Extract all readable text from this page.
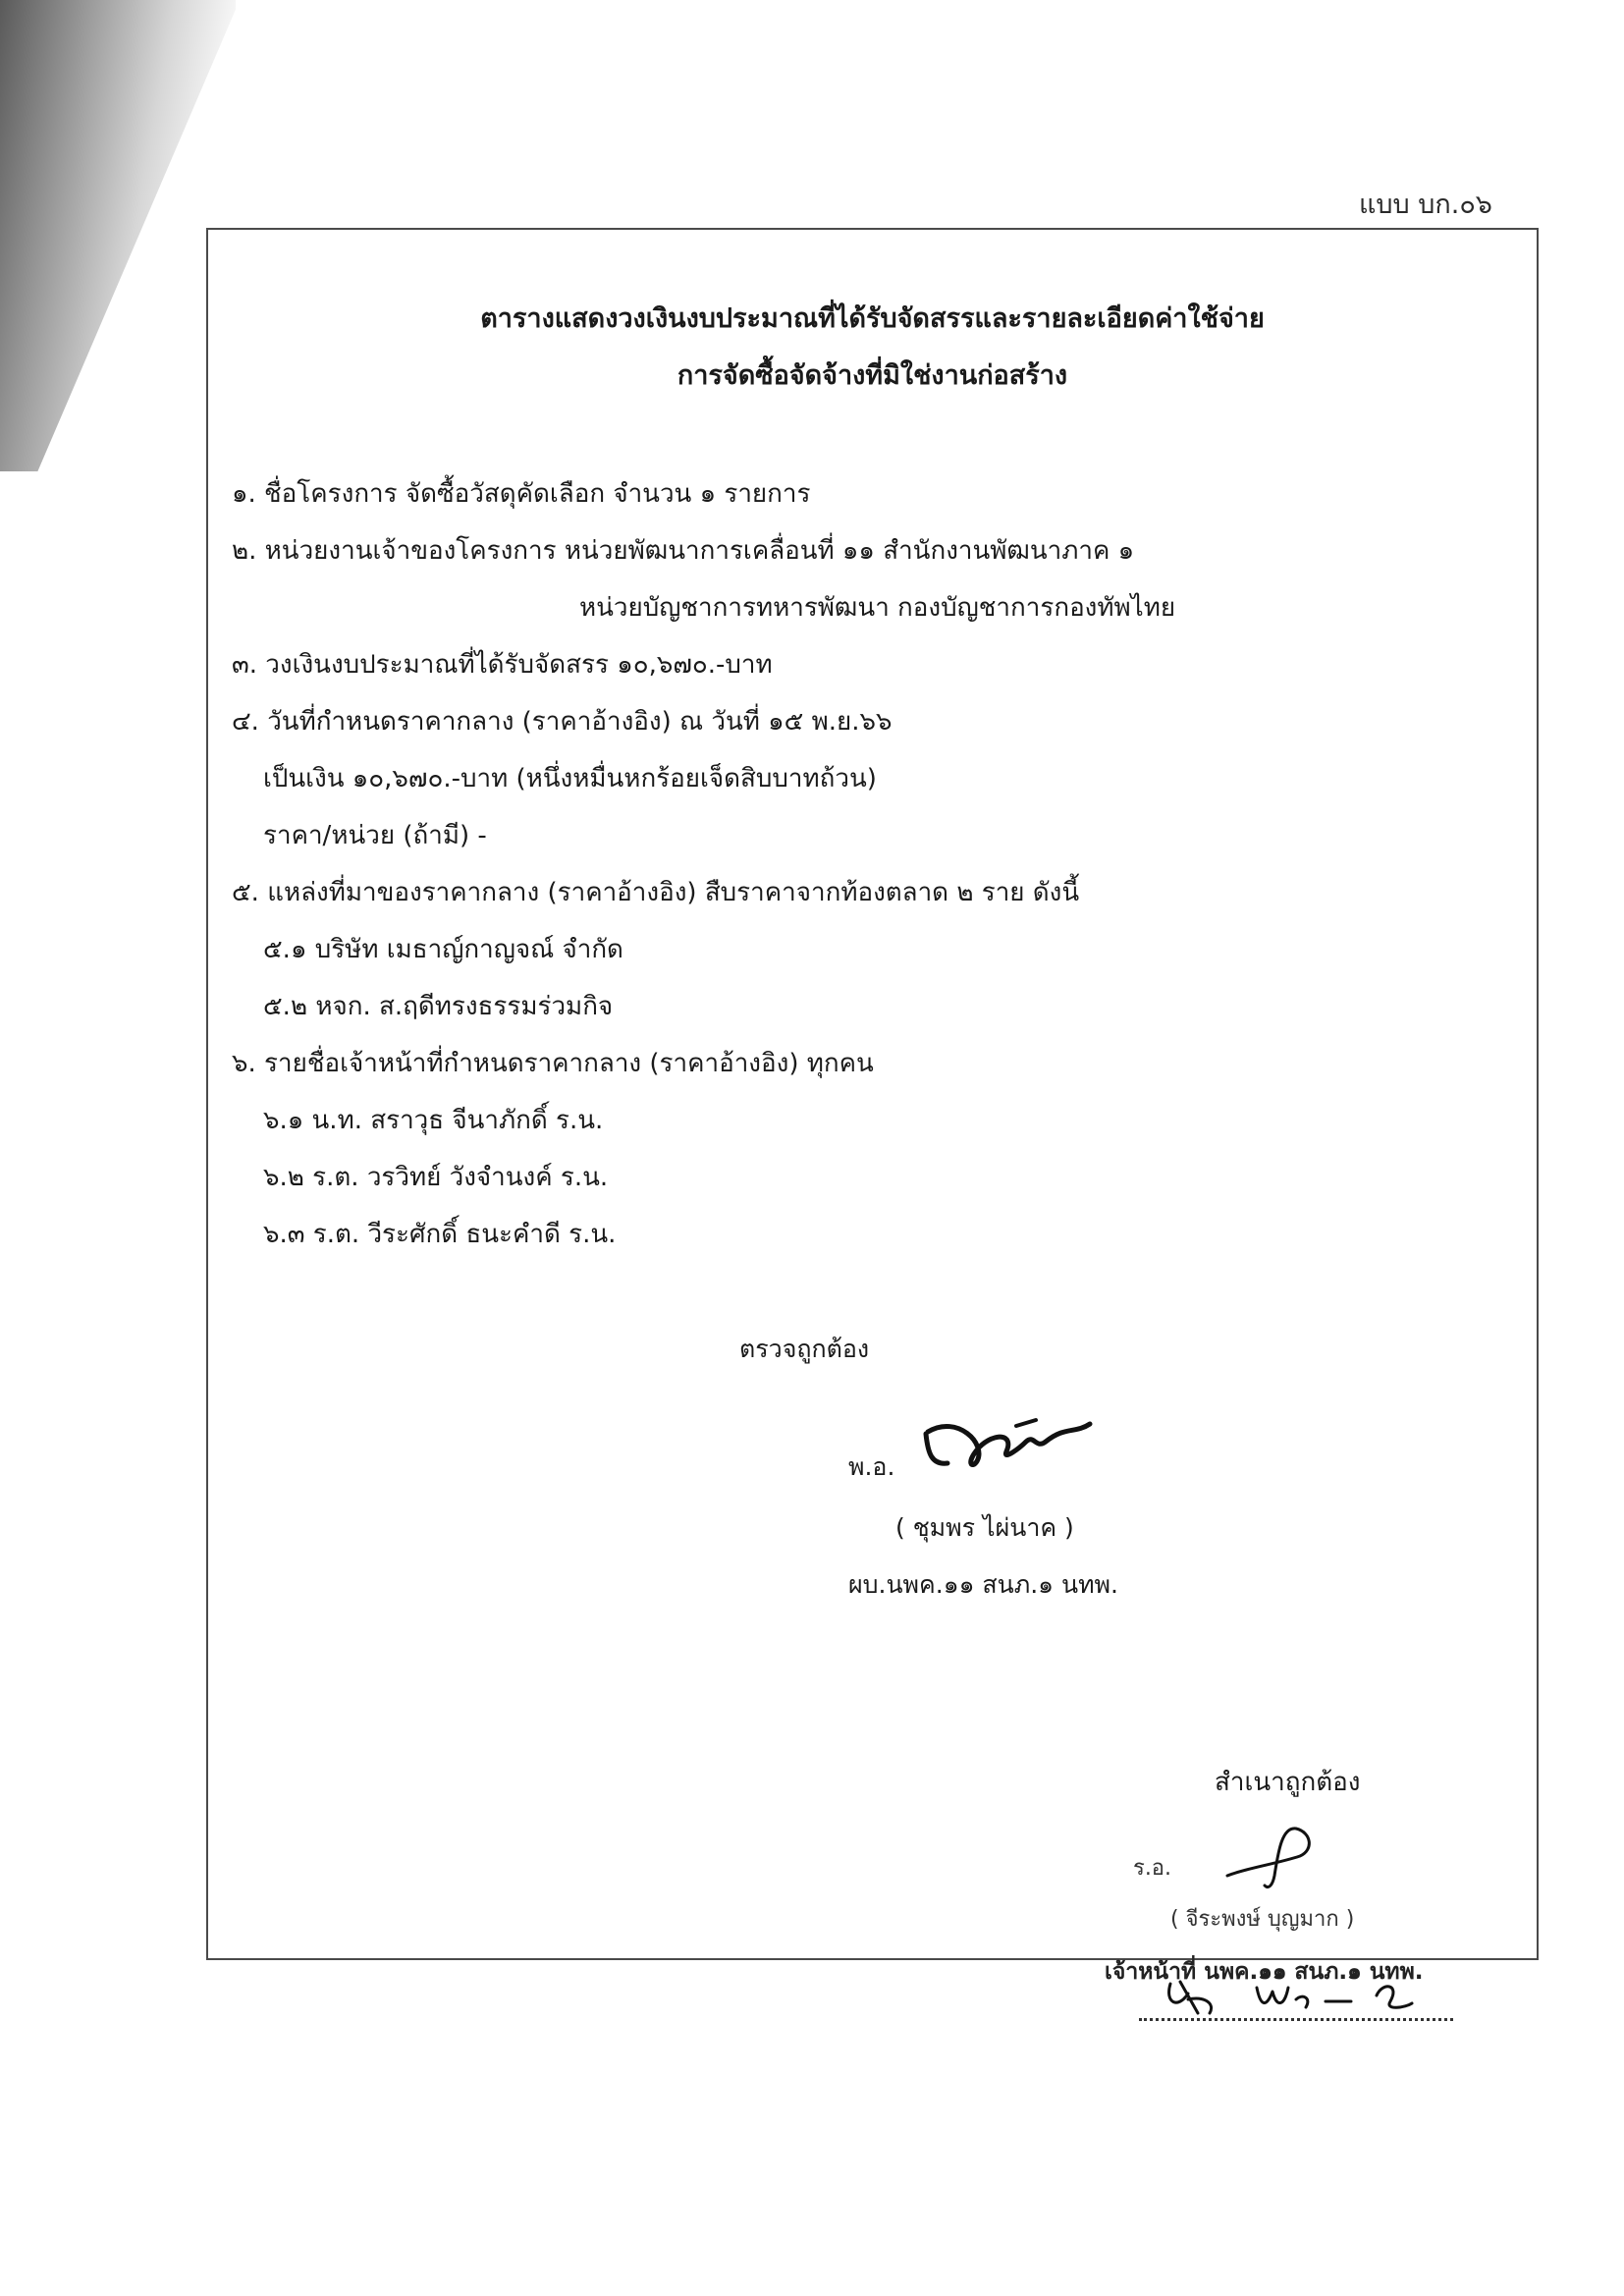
แบบ บก.๐๖
ตารางแสดงวงเงินงบประมาณที่ได้รับจัดสรรและรายละเอียดค่าใช้จ่าย
การจัดซื้อจัดจ้างที่มิใช่งานก่อสร้าง
๑. ชื่อโครงการ จัดซื้อวัสดุคัดเลือก จำนวน ๑ รายการ
๒. หน่วยงานเจ้าของโครงการ หน่วยพัฒนาการเคลื่อนที่ ๑๑ สำนักงานพัฒนาภาค ๑
หน่วยบัญชาการทหารพัฒนา กองบัญชาการกองทัพไทย
๓. วงเงินงบประมาณที่ได้รับจัดสรร ๑๐,๖๗๐.-บาท
๔. วันที่กำหนดราคากลาง (ราคาอ้างอิง) ณ วันที่ ๑๕ พ.ย.๖๖
เป็นเงิน ๑๐,๖๗๐.-บาท (หนึ่งหมื่นหกร้อยเจ็ดสิบบาทถ้วน)
ราคา/หน่วย (ถ้ามี) -
๕. แหล่งที่มาของราคากลาง (ราคาอ้างอิง) สืบราคาจากท้องตลาด ๒ ราย ดังนี้
๕.๑ บริษัท เมธาญ์กาญจณ์ จำกัด
๕.๒ หจก. ส.ฤดีทรงธรรมร่วมกิจ
๖. รายชื่อเจ้าหน้าที่กำหนดราคากลาง (ราคาอ้างอิง) ทุกคน
๖.๑ น.ท. สราวุธ จีนาภักดิ์ ร.น.
๖.๒ ร.ต. วรวิทย์ วังจำนงค์ ร.น.
๖.๓ ร.ต. วีระศักดิ์ ธนะคำดี ร.น.
ตรวจถูกต้อง
พ.อ.
( ชุมพร ไผ่นาค )
ผบ.นพค.๑๑ สนภ.๑ นทพ.
สำเนาถูกต้อง
ร.อ.
( จีระพงษ์ บุญมาก )
เจ้าหน้าที่ นพค.๑๑ สนภ.๑ นทพ.
